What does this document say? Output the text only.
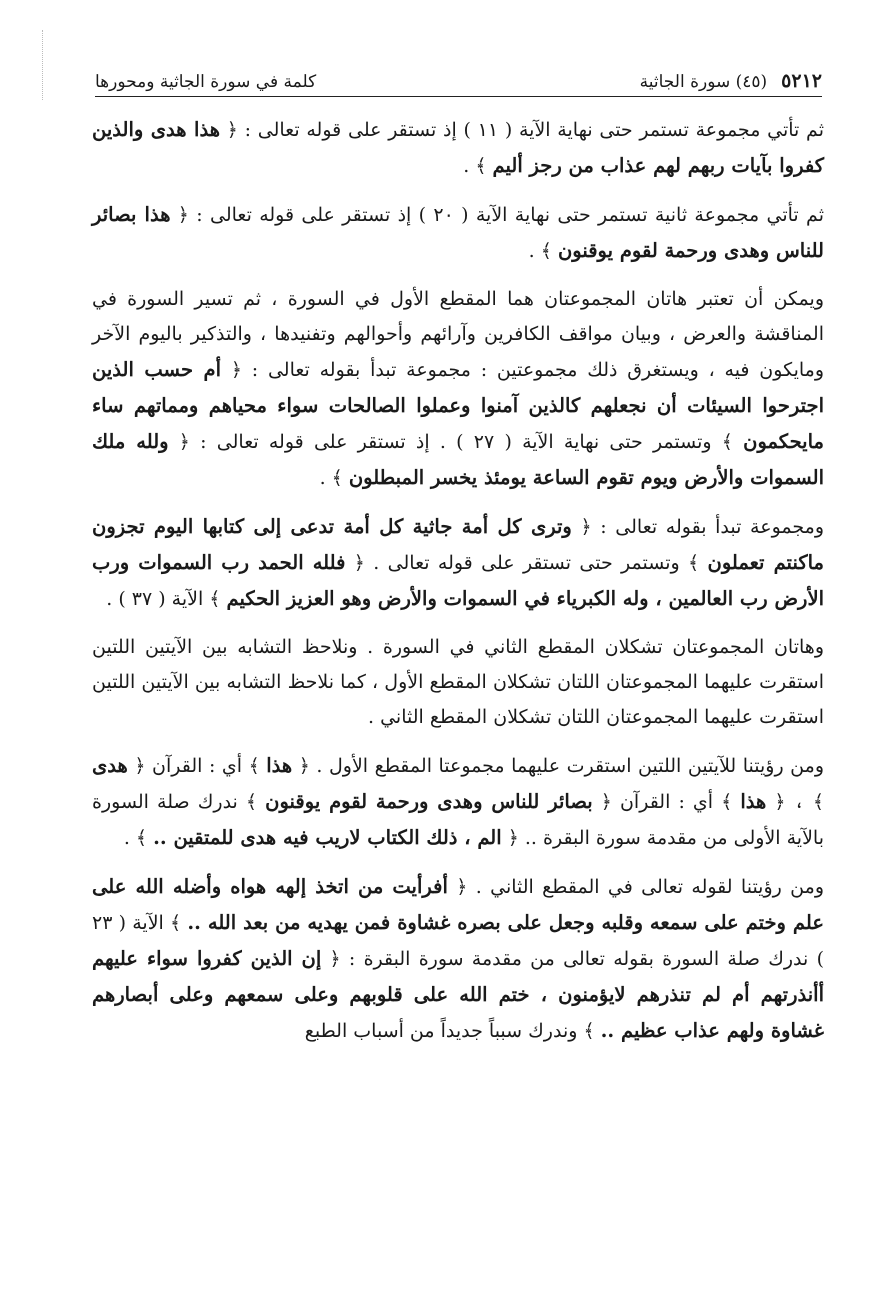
٥٢١٢
(٤٥) سورة الجاثية
كلمة في سورة الجاثية ومحورها

ثم تأتي مجموعة تستمر حتى نهاية الآية ( ١١ ) إذ تستقر على قوله تعالى : ﴿ هذا هدى والذين كفروا بآيات ربهم لهم عذاب من رجز أليم ﴾ .

ثم تأتي مجموعة ثانية تستمر حتى نهاية الآية ( ٢٠ ) إذ تستقر على قوله تعالى : ﴿ هذا بصائر للناس وهدى ورحمة لقوم يوقنون ﴾ .

ويمكن أن تعتبر هاتان المجموعتان هما المقطع الأول في السورة ، ثم تسير السورة في المناقشة والعرض ، وبيان مواقف الكافرين وآرائهم وأحوالهم وتفنيدها ، والتذكير باليوم الآخر ومايكون فيه ، ويستغرق ذلك مجموعتين : مجموعة تبدأ بقوله تعالى : ﴿ أم حسب الذين اجترحوا السيئات أن نجعلهم كالذين آمنوا وعملوا الصالحات سواء محياهم ومماتهم ساء مايحكمون ﴾ وتستمر حتى نهاية الآية ( ٢٧ ) . إذ تستقر على قوله تعالى : ﴿ ولله ملك السموات والأرض ويوم تقوم الساعة يومئذ يخسر المبطلون ﴾ .

ومجموعة تبدأ بقوله تعالى : ﴿ وترى كل أمة جاثية كل أمة تدعى إلى كتابها اليوم تجزون ماكنتم تعملون ﴾ وتستمر حتى تستقر على قوله تعالى . ﴿ فلله الحمد رب السموات ورب الأرض رب العالمين ، وله الكبرياء في السموات والأرض وهو العزيز الحكيم ﴾ الآية ( ٣٧ ) .

وهاتان المجموعتان تشكلان المقطع الثاني في السورة . ونلاحظ التشابه بين الآيتين اللتين استقرت عليهما المجموعتان اللتان تشكلان المقطع الأول ، كما نلاحظ التشابه بين الآيتين اللتين استقرت عليهما المجموعتان اللتان تشكلان المقطع الثاني .

ومن رؤيتنا للآيتين اللتين استقرت عليهما مجموعتا المقطع الأول . ﴿ هذا ﴾ أي : القرآن ﴿ هدى ﴾ ، ﴿ هذا ﴾ أي : القرآن ﴿ بصائر للناس وهدى ورحمة لقوم يوقنون ﴾ ندرك صلة السورة بالآية الأولى من مقدمة سورة البقرة .. ﴿ الم ، ذلك الكتاب لاريب فيه هدى للمتقين .. ﴾ .

ومن رؤيتنا لقوله تعالى في المقطع الثاني . ﴿ أفرأيت من اتخذ إلهه هواه وأضله الله على علم وختم على سمعه وقلبه وجعل على بصره غشاوة فمن يهديه من بعد الله .. ﴾ الآية ( ٢٣ ) ندرك صلة السورة بقوله تعالى من مقدمة سورة البقرة : ﴿ إن الذين كفروا سواء عليهم أأنذرتهم أم لم تنذرهم لايؤمنون ، ختم الله على قلوبهم وعلى سمعهم وعلى أبصارهم غشاوة ولهم عذاب عظيم .. ﴾ وندرك سبباً جديداً من أسباب الطبع
